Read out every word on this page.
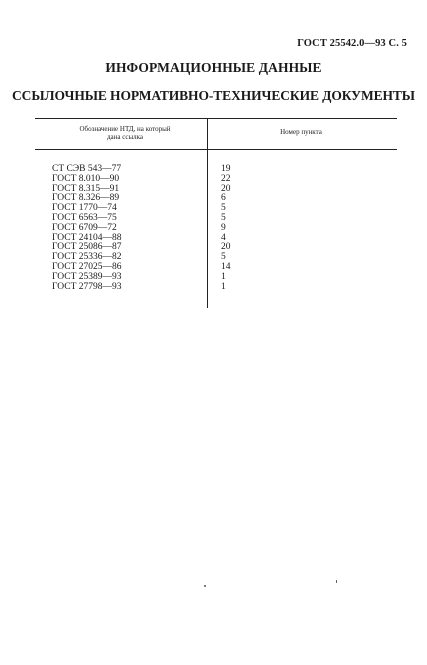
ГОСТ 25542.0—93 С. 5
ИНФОРМАЦИОННЫЕ ДАННЫЕ
ССЫЛОЧНЫЕ НОРМАТИВНО-ТЕХНИЧЕСКИЕ ДОКУМЕНТЫ
Обозначение НТД, на который
дана ссылка
Номер пункта
СТ СЭВ 543—77	19
ГОСТ 8.010—90	22
ГОСТ 8.315—91	20
ГОСТ 8.326—89	6
ГОСТ 1770—74	5
ГОСТ 6563—75	5
ГОСТ 6709—72	9
ГОСТ 24104—88	4
ГОСТ 25086—87	20
ГОСТ 25336—82	5
ГОСТ 27025—86	14
ГОСТ 25389—93	1
ГОСТ 27798—93	1
